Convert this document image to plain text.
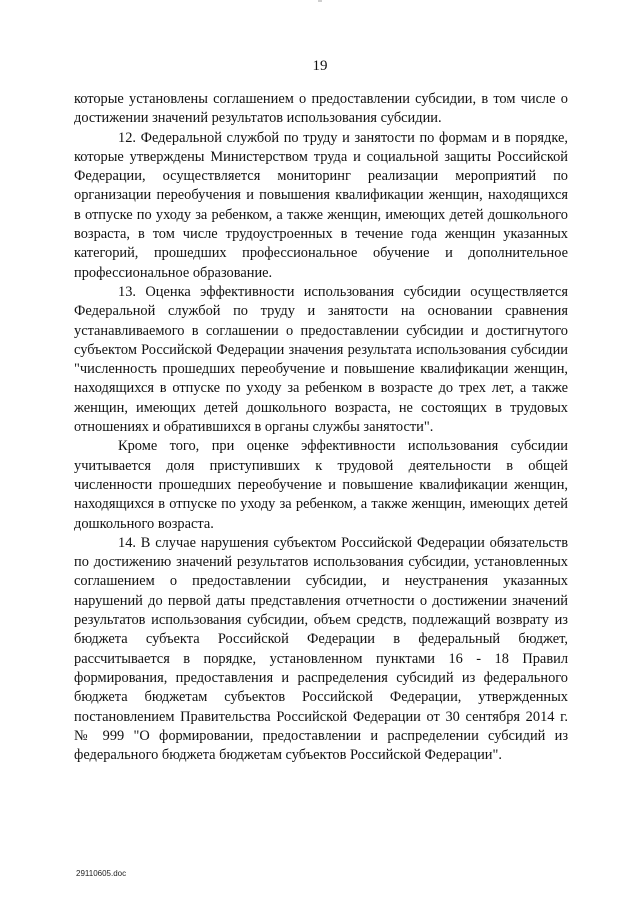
19

которые установлены соглашением о предоставлении субсидии, в том числе о достижении значений результатов использования субсидии.

12. Федеральной службой по труду и занятости по формам и в порядке, которые утверждены Министерством труда и социальной защиты Российской Федерации, осуществляется мониторинг реализации мероприятий по организации переобучения и повышения квалификации женщин, находящихся в отпуске по уходу за ребенком, а также женщин, имеющих детей дошкольного возраста, в том числе трудоустроенных в течение года женщин указанных категорий, прошедших профессиональное обучение и дополнительное профессиональное образование.

13. Оценка эффективности использования субсидии осуществляется Федеральной службой по труду и занятости на основании сравнения устанавливаемого в соглашении о предоставлении субсидии и достигнутого субъектом Российской Федерации значения результата использования субсидии "численность прошедших переобучение и повышение квалификации женщин, находящихся в отпуске по уходу за ребенком в возрасте до трех лет, а также женщин, имеющих детей дошкольного возраста, не состоящих в трудовых отношениях и обратившихся в органы службы занятости".

Кроме того, при оценке эффективности использования субсидии учитывается доля приступивших к трудовой деятельности в общей численности прошедших переобучение и повышение квалификации женщин, находящихся в отпуске по уходу за ребенком, а также женщин, имеющих детей дошкольного возраста.

14. В случае нарушения субъектом Российской Федерации обязательств по достижению значений результатов использования субсидии, установленных соглашением о предоставлении субсидии, и неустранения указанных нарушений до первой даты представления отчетности о достижении значений результатов использования субсидии, объем средств, подлежащий возврату из бюджета субъекта Российской Федерации в федеральный бюджет, рассчитывается в порядке, установленном пунктами 16 - 18 Правил формирования, предоставления и распределения субсидий из федерального бюджета бюджетам субъектов Российской Федерации, утвержденных постановлением Правительства Российской Федерации от 30 сентября 2014 г. № 999 "О формировании, предоставлении и распределении субсидий из федерального бюджета бюджетам субъектов Российской Федерации".

29110605.doc
